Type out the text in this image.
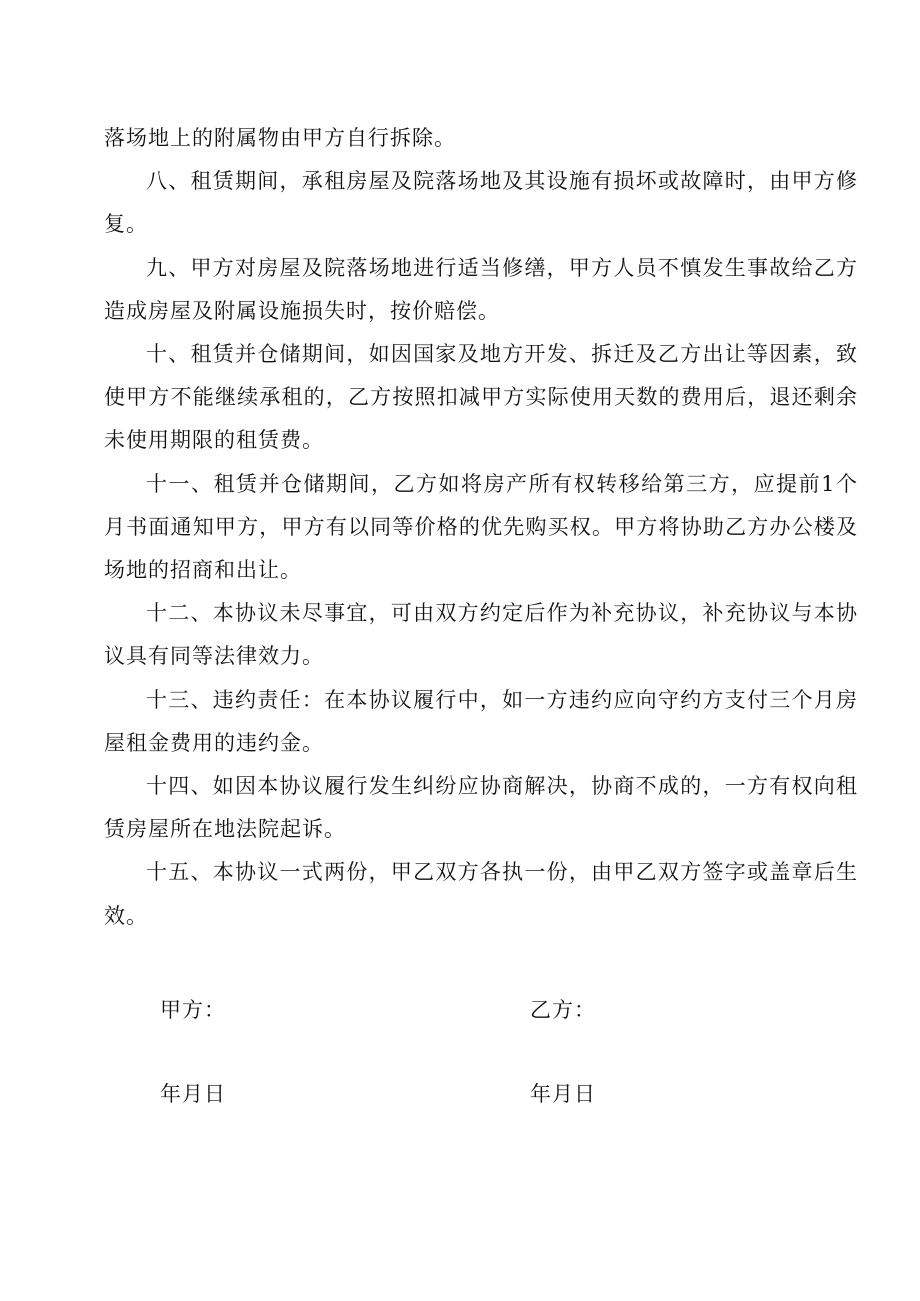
落场地上的附属物由甲方自行拆除。

八、租赁期间，承租房屋及院落场地及其设施有损坏或故障时，由甲方修复。

九、甲方对房屋及院落场地进行适当修缮，甲方人员不慎发生事故给乙方造成房屋及附属设施损失时，按价赔偿。

十、租赁并仓储期间，如因国家及地方开发、拆迁及乙方出让等因素，致使甲方不能继续承租的，乙方按照扣减甲方实际使用天数的费用后，退还剩余未使用期限的租赁费。

十一、租赁并仓储期间，乙方如将房产所有权转移给第三方，应提前1个月书面通知甲方，甲方有以同等价格的优先购买权。甲方将协助乙方办公楼及场地的招商和出让。

十二、本协议未尽事宜，可由双方约定后作为补充协议，补充协议与本协议具有同等法律效力。

十三、违约责任：在本协议履行中，如一方违约应向守约方支付三个月房屋租金费用的违约金。

十四、如因本协议履行发生纠纷应协商解决，协商不成的，一方有权向租赁房屋所在地法院起诉。

十五、本协议一式两份，甲乙双方各执一份，由甲乙双方签字或盖章后生效。

甲方：	乙方：
年月日	年月日
